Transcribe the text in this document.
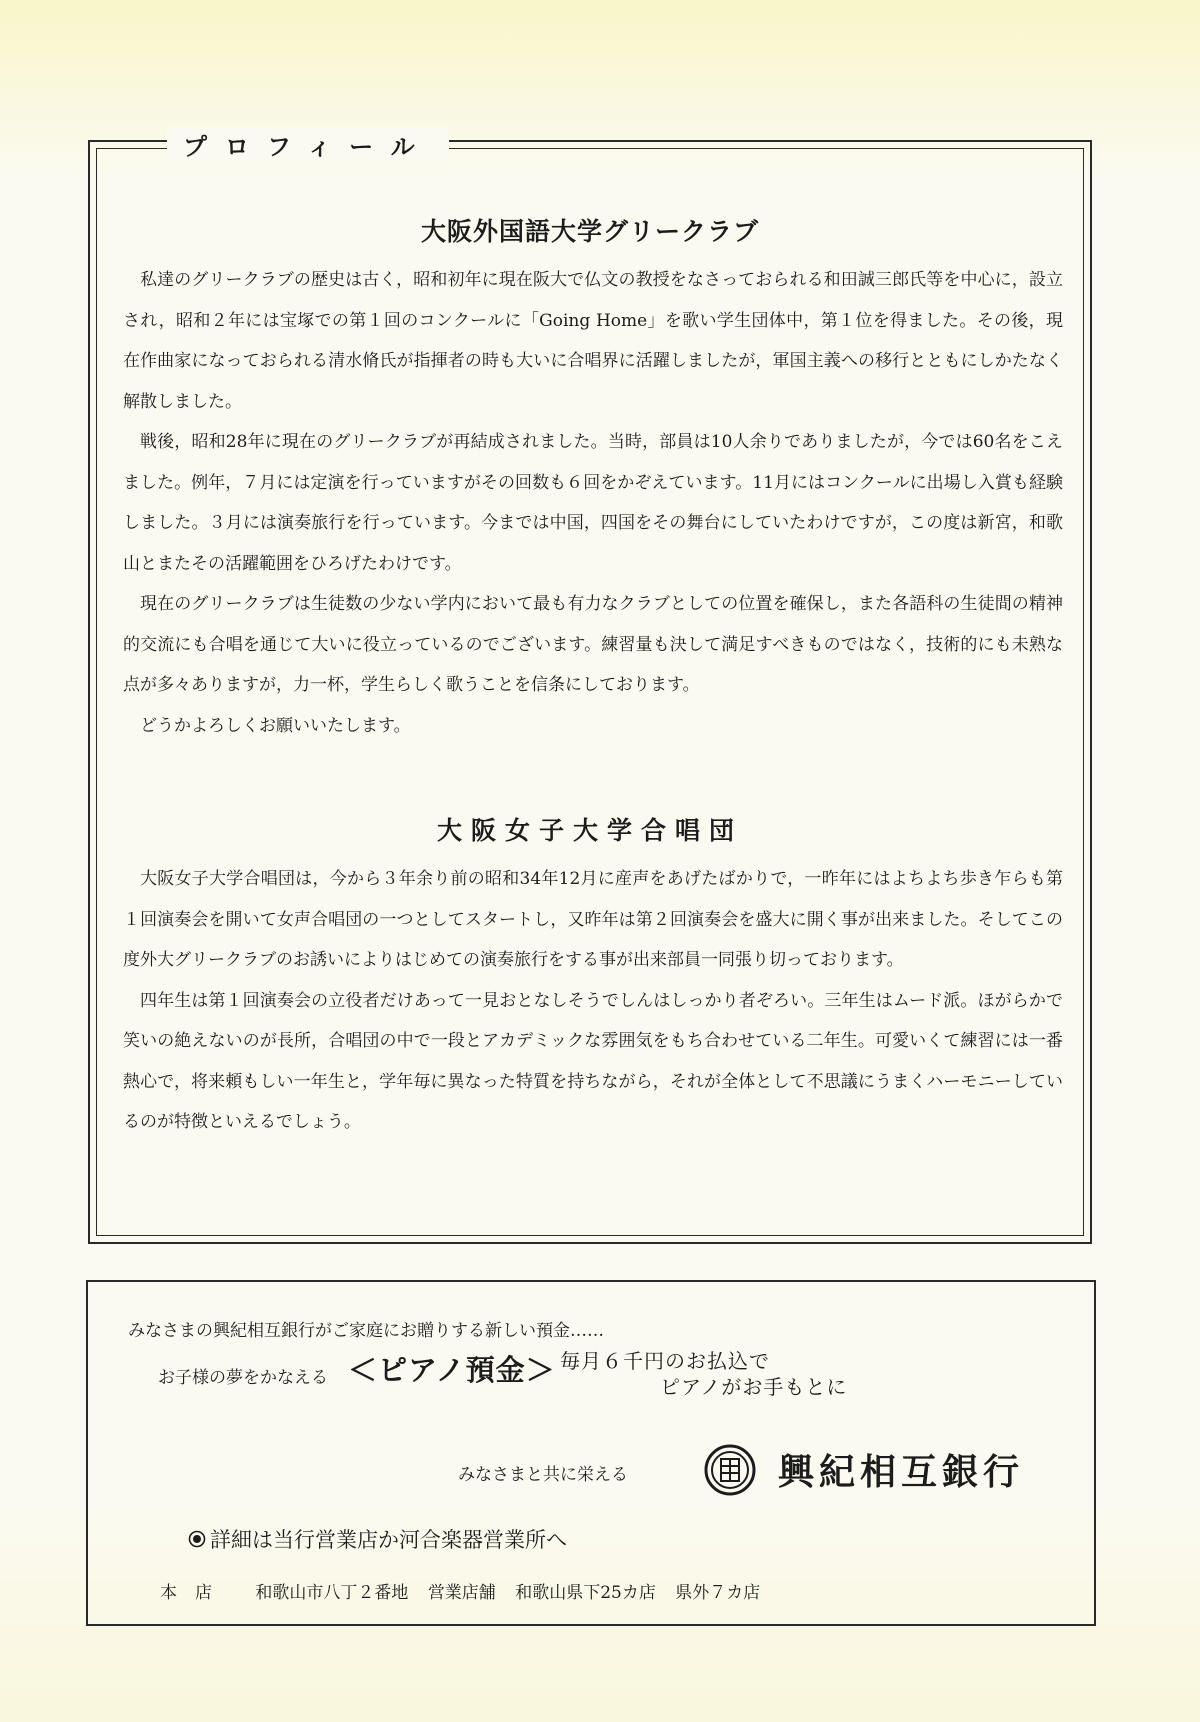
プロフィール
大阪外国語大学グリークラブ

私達のグリークラブの歴史は古く，昭和初年に現在阪大で仏文の教授をなさっておられる和田誠三郎氏等を中心に，設立され，昭和２年には宝塚での第１回のコンクールに「Going Home」を歌い学生団体中，第１位を得ました。その後，現在作曲家になっておられる清水脩氏が指揮者の時も大いに合唱界に活躍しましたが，軍国主義への移行とともにしかたなく解散しました。

戦後，昭和28年に現在のグリークラブが再結成されました。当時，部員は10人余りでありましたが，今では60名をこえました。例年，７月には定演を行っていますがその回数も６回をかぞえています。11月にはコンクールに出場し入賞も経験しました。３月には演奏旅行を行っています。今までは中国，四国をその舞台にしていたわけですが，この度は新宮，和歌山とまたその活躍範囲をひろげたわけです。

現在のグリークラブは生徒数の少ない学内において最も有力なクラブとしての位置を確保し，また各語科の生徒間の精神的交流にも合唱を通じて大いに役立っているのでございます。練習量も決して満足すべきものではなく，技術的にも未熟な点が多々ありますが，力一杯，学生らしく歌うことを信条にしております。

どうかよろしくお願いいたします。

大阪女子大学合唱団

大阪女子大学合唱団は，今から３年余り前の昭和34年12月に産声をあげたばかりで，一昨年にはよちよち歩き乍らも第１回演奏会を開いて女声合唱団の一つとしてスタートし，又昨年は第２回演奏会を盛大に開く事が出来ました。そしてこの度外大グリークラブのお誘いによりはじめての演奏旅行をする事が出来部員一同張り切っております。

四年生は第１回演奏会の立役者だけあって一見おとなしそうでしんはしっかり者ぞろい。三年生はムード派。ほがらかで笑いの絶えないのが長所，合唱団の中で一段とアカデミックな雰囲気をもち合わせている二年生。可愛いくて練習には一番熱心で，将来頼もしい一年生と，学年毎に異なった特質を持ちながら，それが全体として不思議にうまくハーモニーしているのが特徴といえるでしょう。

みなさまの興紀相互銀行がご家庭にお贈りする新しい預金……
お子様の夢をかなえる ＜ピアノ預金＞ 毎月６千円のお払込で
ピアノがお手もとに
みなさまと共に栄える	興紀相互銀行
詳細は当行営業店か河合楽器営業所へ
本店 和歌山市八丁２番地 営業店舗 和歌山県下25カ店 県外７カ店
